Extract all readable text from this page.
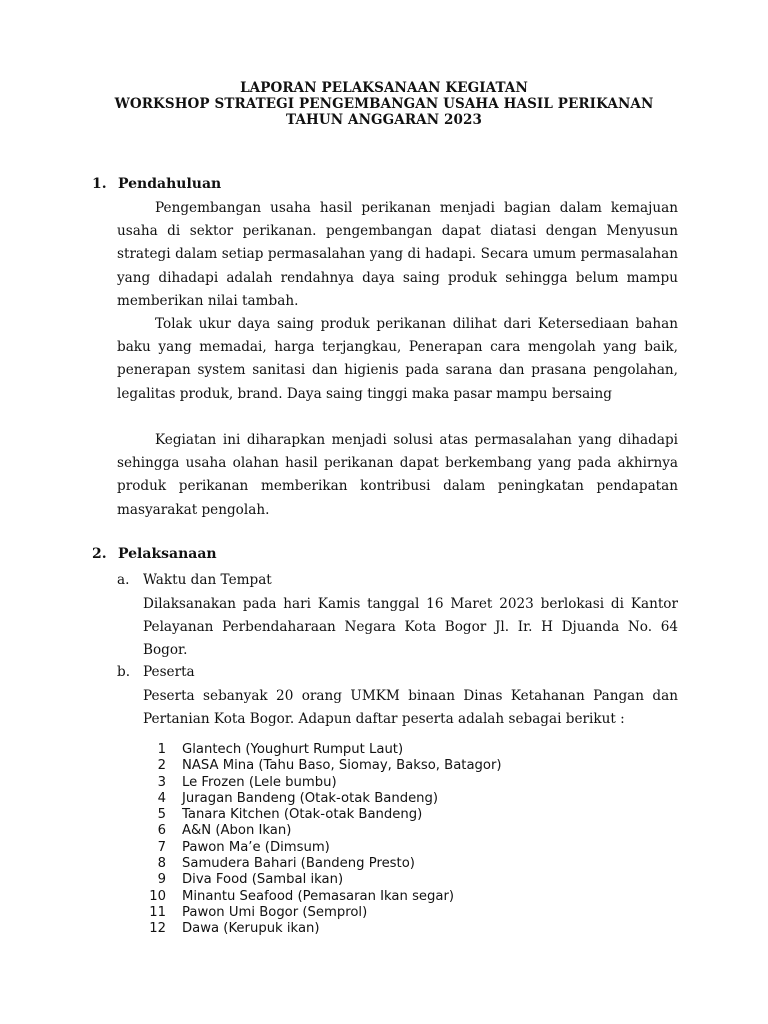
LAPORAN PELAKSANAAN KEGIATAN
WORKSHOP STRATEGI PENGEMBANGAN USAHA HASIL PERIKANAN
TAHUN ANGGARAN 2023
1. Pendahuluan

Pengembangan usaha hasil perikanan menjadi bagian dalam kemajuan usaha di sektor perikanan. pengembangan dapat diatasi dengan Menyusun strategi dalam setiap permasalahan yang di hadapi. Secara umum permasalahan yang dihadapi adalah rendahnya daya saing produk sehingga belum mampu memberikan nilai tambah.

Tolak ukur daya saing produk perikanan dilihat dari Ketersediaan bahan baku yang memadai, harga terjangkau, Penerapan cara mengolah yang baik, penerapan system sanitasi dan higienis pada sarana dan prasana pengolahan, legalitas produk, brand. Daya saing tinggi maka pasar mampu bersaing

Kegiatan ini diharapkan menjadi solusi atas permasalahan yang dihadapi sehingga usaha olahan hasil perikanan dapat berkembang yang pada akhirnya produk perikanan memberikan kontribusi dalam peningkatan pendapatan masyarakat pengolah.

2. Pelaksanaan
a. Waktu dan Tempat

Dilaksanakan pada hari Kamis tanggal 16 Maret 2023 berlokasi di Kantor Pelayanan Perbendaharaan Negara Kota Bogor Jl. Ir. H Djuanda No. 64 Bogor.

b. Peserta

Peserta sebanyak 20 orang UMKM binaan Dinas Ketahanan Pangan dan Pertanian Kota Bogor. Adapun daftar peserta adalah sebagai berikut :

1 Glantech (Youghurt Rumput Laut)
2 NASA Mina (Tahu Baso, Siomay, Bakso, Batagor)
3 Le Frozen (Lele bumbu)
4 Juragan Bandeng (Otak-otak Bandeng)
5 Tanara Kitchen (Otak-otak Bandeng)
6 A&N (Abon Ikan)
7 Pawon Ma’e (Dimsum)
8 Samudera Bahari (Bandeng Presto)
9 Diva Food (Sambal ikan)
10 Minantu Seafood (Pemasaran Ikan segar)
11 Pawon Umi Bogor (Semprol)
12 Dawa (Kerupuk ikan)
